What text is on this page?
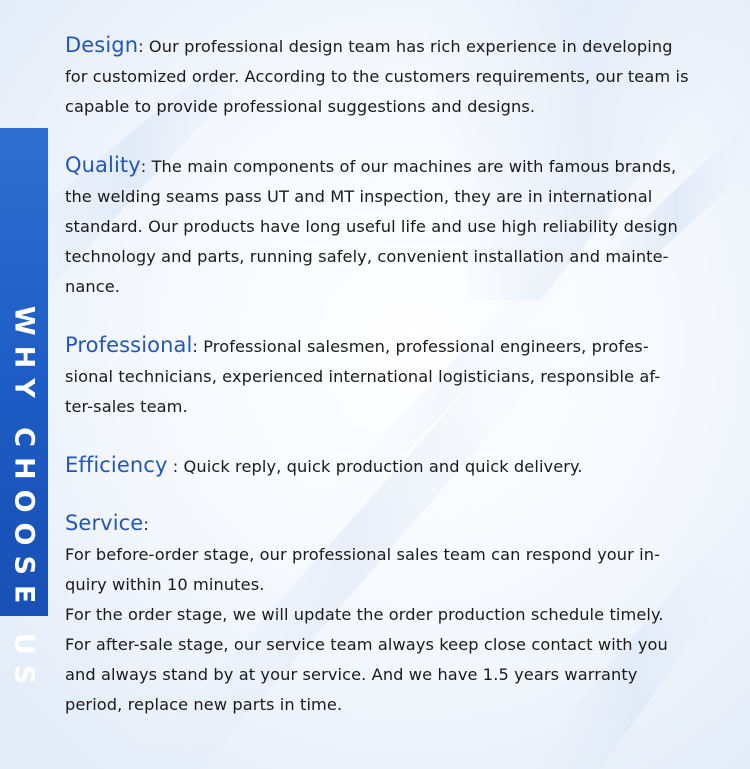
WHY CHOOSE US
Design: Our professional design team has rich experience in developing
for customized order. According to the customers requirements, our team is
capable to provide professional suggestions and designs.
Quality: The main components of our machines are with famous brands,
the welding seams pass UT and MT inspection, they are in international
standard. Our products have long useful life and use high reliability design
technology and parts, running safely, convenient installation and mainte-
nance.
Professional: Professional salesmen, professional engineers, profes-
sional technicians, experienced international logisticians, responsible af-
ter-sales team.
Efficiency : Quick reply, quick production and quick delivery.
Service:
For before-order stage, our professional sales team can respond your in-
quiry within 10 minutes.
For the order stage, we will update the order production schedule timely.
For after-sale stage, our service team always keep close contact with you
and always stand by at your service. And we have 1.5 years warranty
period, replace new parts in time.
